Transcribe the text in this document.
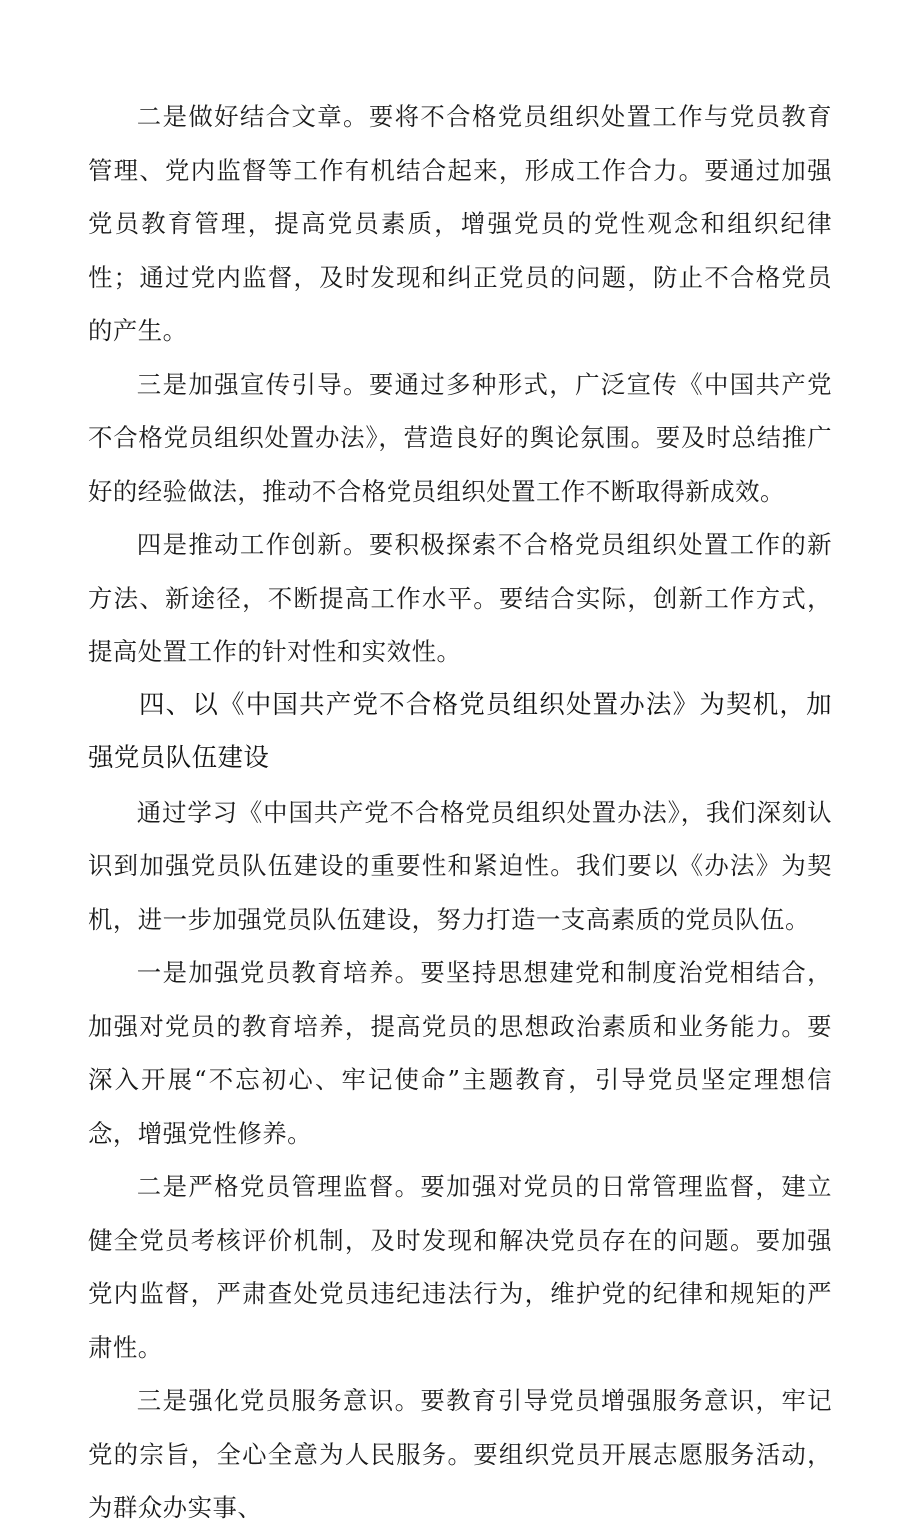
二是做好结合文章。要将不合格党员组织处置工作与党员教育管理、党内监督等工作有机结合起来，形成工作合力。要通过加强党员教育管理，提高党员素质，增强党员的党性观念和组织纪律性；通过党内监督，及时发现和纠正党员的问题，防止不合格党员的产生。

三是加强宣传引导。要通过多种形式，广泛宣传《中国共产党不合格党员组织处置办法》，营造良好的舆论氛围。要及时总结推广好的经验做法，推动不合格党员组织处置工作不断取得新成效。

四是推动工作创新。要积极探索不合格党员组织处置工作的新方法、新途径，不断提高工作水平。要结合实际，创新工作方式，提高处置工作的针对性和实效性。

四、以《中国共产党不合格党员组织处置办法》为契机，加强党员队伍建设

通过学习《中国共产党不合格党员组织处置办法》，我们深刻认识到加强党员队伍建设的重要性和紧迫性。我们要以《办法》为契机，进一步加强党员队伍建设，努力打造一支高素质的党员队伍。

一是加强党员教育培养。要坚持思想建党和制度治党相结合，加强对党员的教育培养，提高党员的思想政治素质和业务能力。要深入开展“不忘初心、牢记使命”主题教育，引导党员坚定理想信念，增强党性修养。

二是严格党员管理监督。要加强对党员的日常管理监督，建立健全党员考核评价机制，及时发现和解决党员存在的问题。要加强党内监督，严肃查处党员违纪违法行为，维护党的纪律和规矩的严肃性。

三是强化党员服务意识。要教育引导党员增强服务意识，牢记党的宗旨，全心全意为人民服务。要组织党员开展志愿服务活动，为群众办实事、
